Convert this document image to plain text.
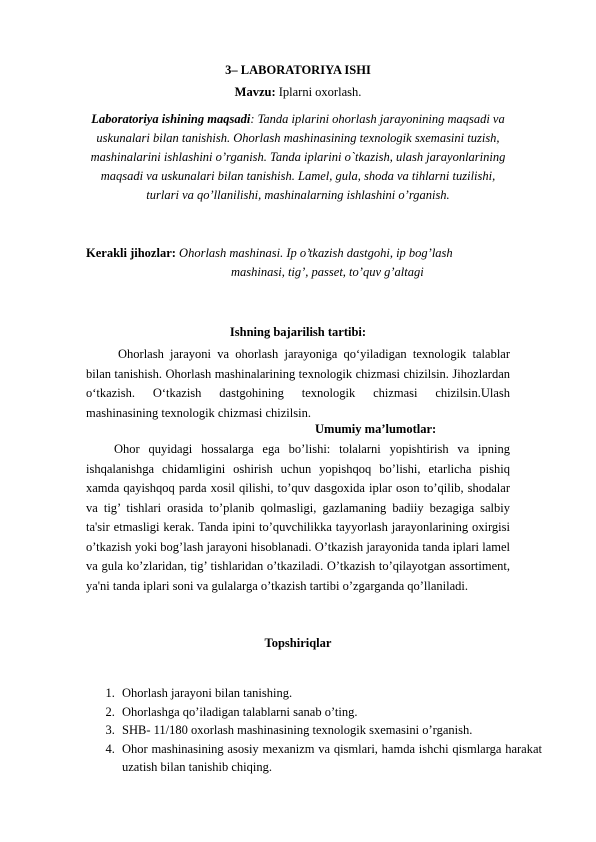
3– LABORATORIYA ISHI
Mavzu: Iplarni oxorlash.
Laboratoriya ishining maqsadi: Tanda iplarini ohorlash jarayonining maqsadi va uskunalari bilan tanishish. Ohorlash mashinasining texnologik sxemasini tuzish, mashinalarini ishlashini o’rganish. Tanda iplarini o`tkazish, ulash jarayonlarining maqsadi va uskunalari bilan tanishish. Lamel, gula, shoda va tihlarni tuzilishi, turlari va qo’llanilishi, mashinalarning ishlashini o’rganish.
Kerakli jihozlar: Ohorlash mashinasi. Ip o’tkazish dastgohi, ip bog’lash
mashinasi, tig’, passet, to’quv g’altagi
Ishning bajarilish tartibi:
Ohorlash jarayoni va ohorlash jarayoniga qo‘yiladigan texnologik talablar bilan tanishish. Ohorlash mashinalarining texnologik chizmasi chizilsin. Jihozlardan o‘tkazish. O‘tkazish dastgohining texnologik chizmasi chizilsin.Ulash mashinasining texnologik chizmasi chizilsin.
Umumiy ma’lumotlar:
Ohor quyidagi hossalarga ega bo’lishi: tolalarni yopishtirish va ipning ishqalanishga chidamligini oshirish uchun yopishqoq bo’lishi, etarlicha pishiq xamda qayishqoq parda xosil qilishi, to’quv dasgoxida iplar oson to’qilib, shodalar va tig’ tishlari orasida to’planib qolmasligi, gazlamaning badiiy bezagiga salbiy ta'sir etmasligi kerak. Tanda ipini to’quvchilikka tayyorlash jarayonlarining oxirgisi o’tkazish yoki bog’lash jarayoni hisoblanadi. O’tkazish jarayonida tanda iplari lamel va gula ko’zlaridan, tig’ tishlaridan o’tkaziladi. O’tkazish to’qilayotgan assortiment, ya'ni tanda iplari soni va gulalarga o’tkazish tartibi o’zgarganda qo’llaniladi.
Topshiriqlar
1. Ohorlash jarayoni bilan tanishing.
2. Ohorlashga qo’iladigan talablarni sanab o’ting.
3. SHB- 11/180 oxorlash mashinasining texnologik sxemasini o’rganish.
4. Ohor mashinasining asosiy mexanizm va qismlari, hamda ishchi qismlarga harakat uzatish bilan tanishib chiqing.
